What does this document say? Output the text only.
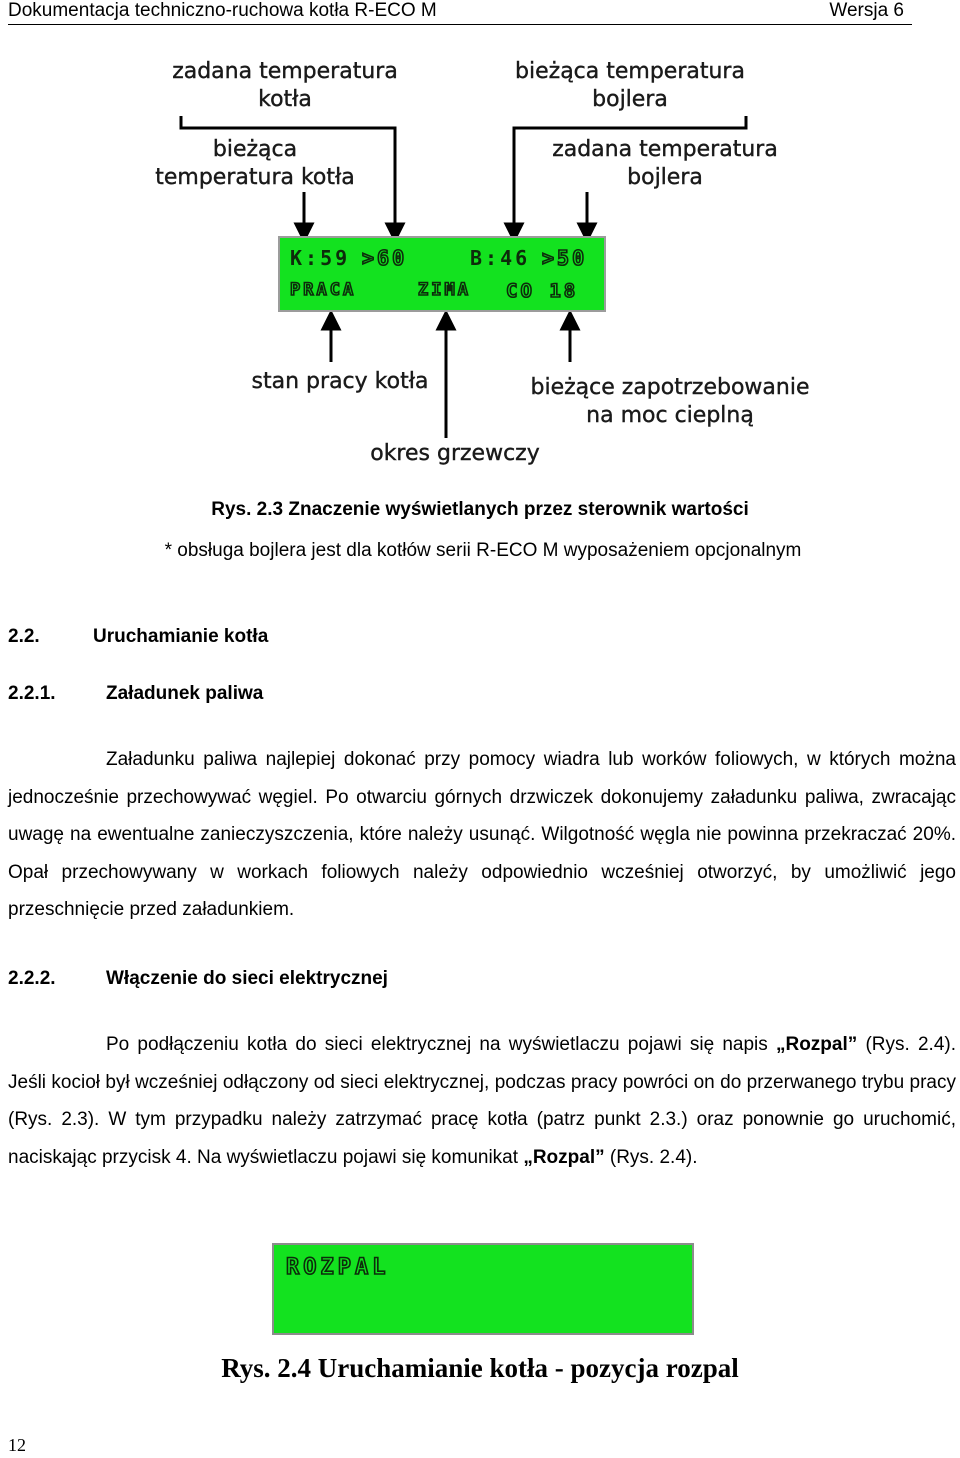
Dokumentacja techniczno-ruchowa kotła R-ECO M	Wersja 6
zadana temperatura kotła
bieżąca temperatura kotła
bieżąca temperatura bojlera
zadana temperatura bojlera
K:59 >60	B:46 >50
PRACA	ZIMA CO 18
stan pracy kotła
okres grzewczy
bieżące zapotrzebowanie na moc cieplną
Rys. 2.3 Znaczenie wyświetlanych przez sterownik wartości
* obsługa bojlera jest dla kotłów serii R-ECO M wyposażeniem opcjonalnym
2.2.	Uruchamianie kotła
2.2.1.	Załadunek paliwa

Załadunku paliwa najlepiej dokonać przy pomocy wiadra lub worków foliowych, w których można jednocześnie przechowywać węgiel. Po otwarciu górnych drzwiczek dokonujemy załadunku paliwa, zwracając uwagę na ewentualne zanieczyszczenia, które należy usunąć. Wilgotność węgla nie powinna przekraczać 20%. Opał przechowywany w workach foliowych należy odpowiednio wcześniej otworzyć, by umożliwić jego przeschnięcie przed załadunkiem.

2.2.2.	Włączenie do sieci elektrycznej

Po podłączeniu kotła do sieci elektrycznej na wyświetlaczu pojawi się napis „Rozpal” (Rys. 2.4). Jeśli kocioł był wcześniej odłączony od sieci elektrycznej, podczas pracy powróci on do przerwanego trybu pracy (Rys. 2.3). W tym przypadku należy zatrzymać pracę kotła (patrz punkt 2.3.) oraz ponownie go uruchomić, naciskając przycisk 4. Na wyświetlaczu pojawi się komunikat „Rozpal” (Rys. 2.4).

ROZPAL
Rys. 2.4 Uruchamianie kotła - pozycja rozpal
12
